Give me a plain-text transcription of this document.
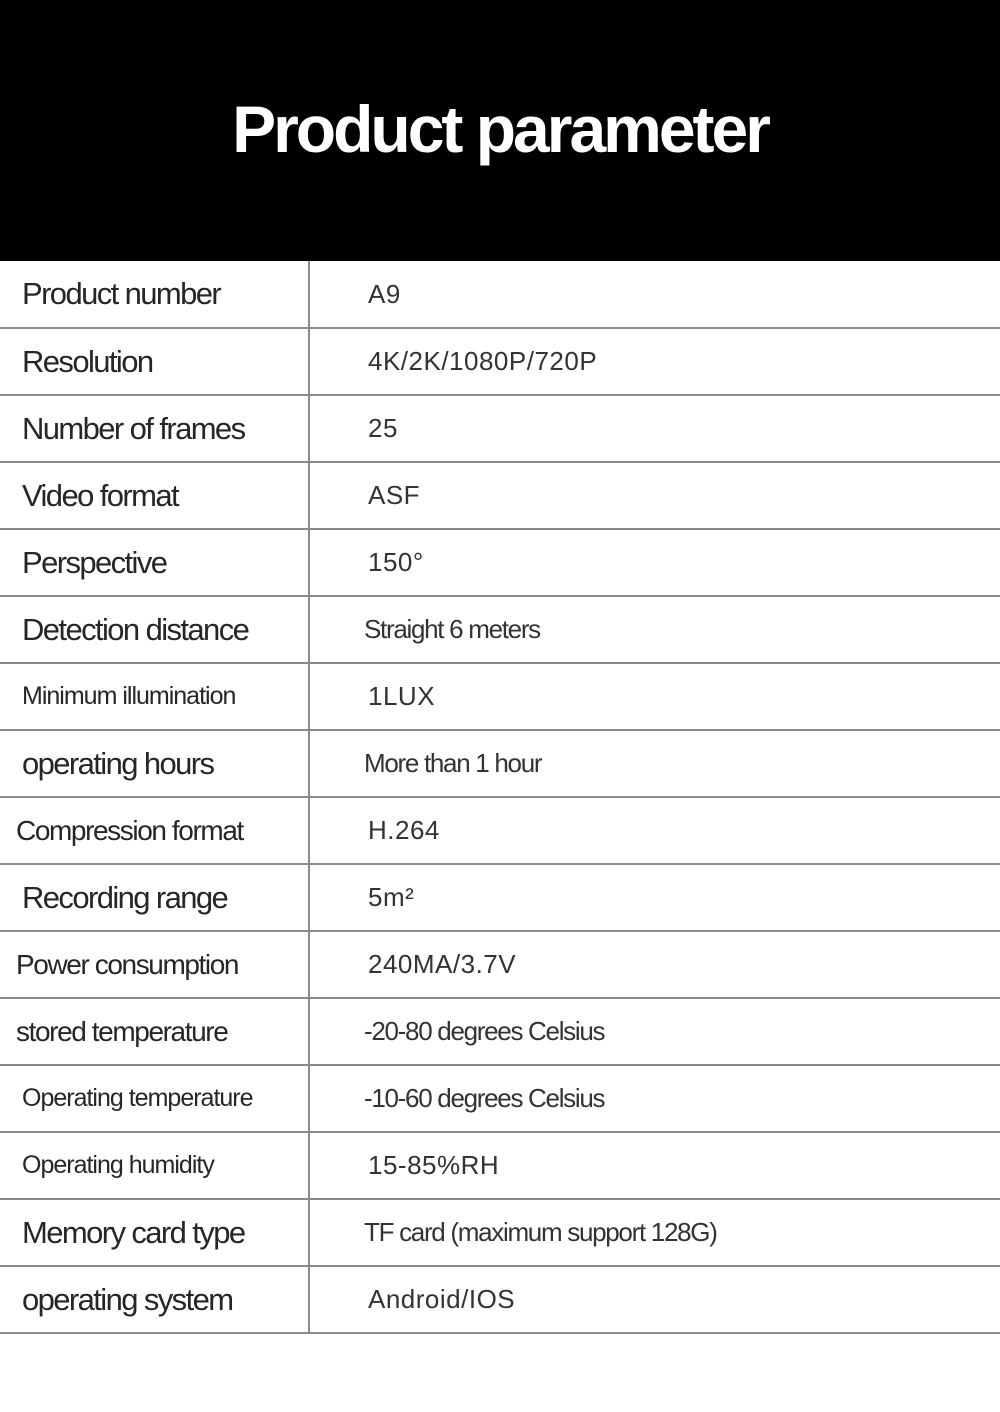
Product parameter
Product number	A9
Resolution	4K/2K/1080P/720P
Number of frames	25
Video format	ASF
Perspective	150°
Detection distance	Straight 6 meters
Minimum illumination	1LUX
operating hours	More than 1 hour
Compression format	H.264
Recording range	5m²
Power consumption	240MA/3.7V
stored temperature	-20-80 degrees Celsius
Operating temperature	-10-60 degrees Celsius
Operating humidity	15-85%RH
Memory card type	TF card (maximum support 128G)
operating system	Android/IOS
